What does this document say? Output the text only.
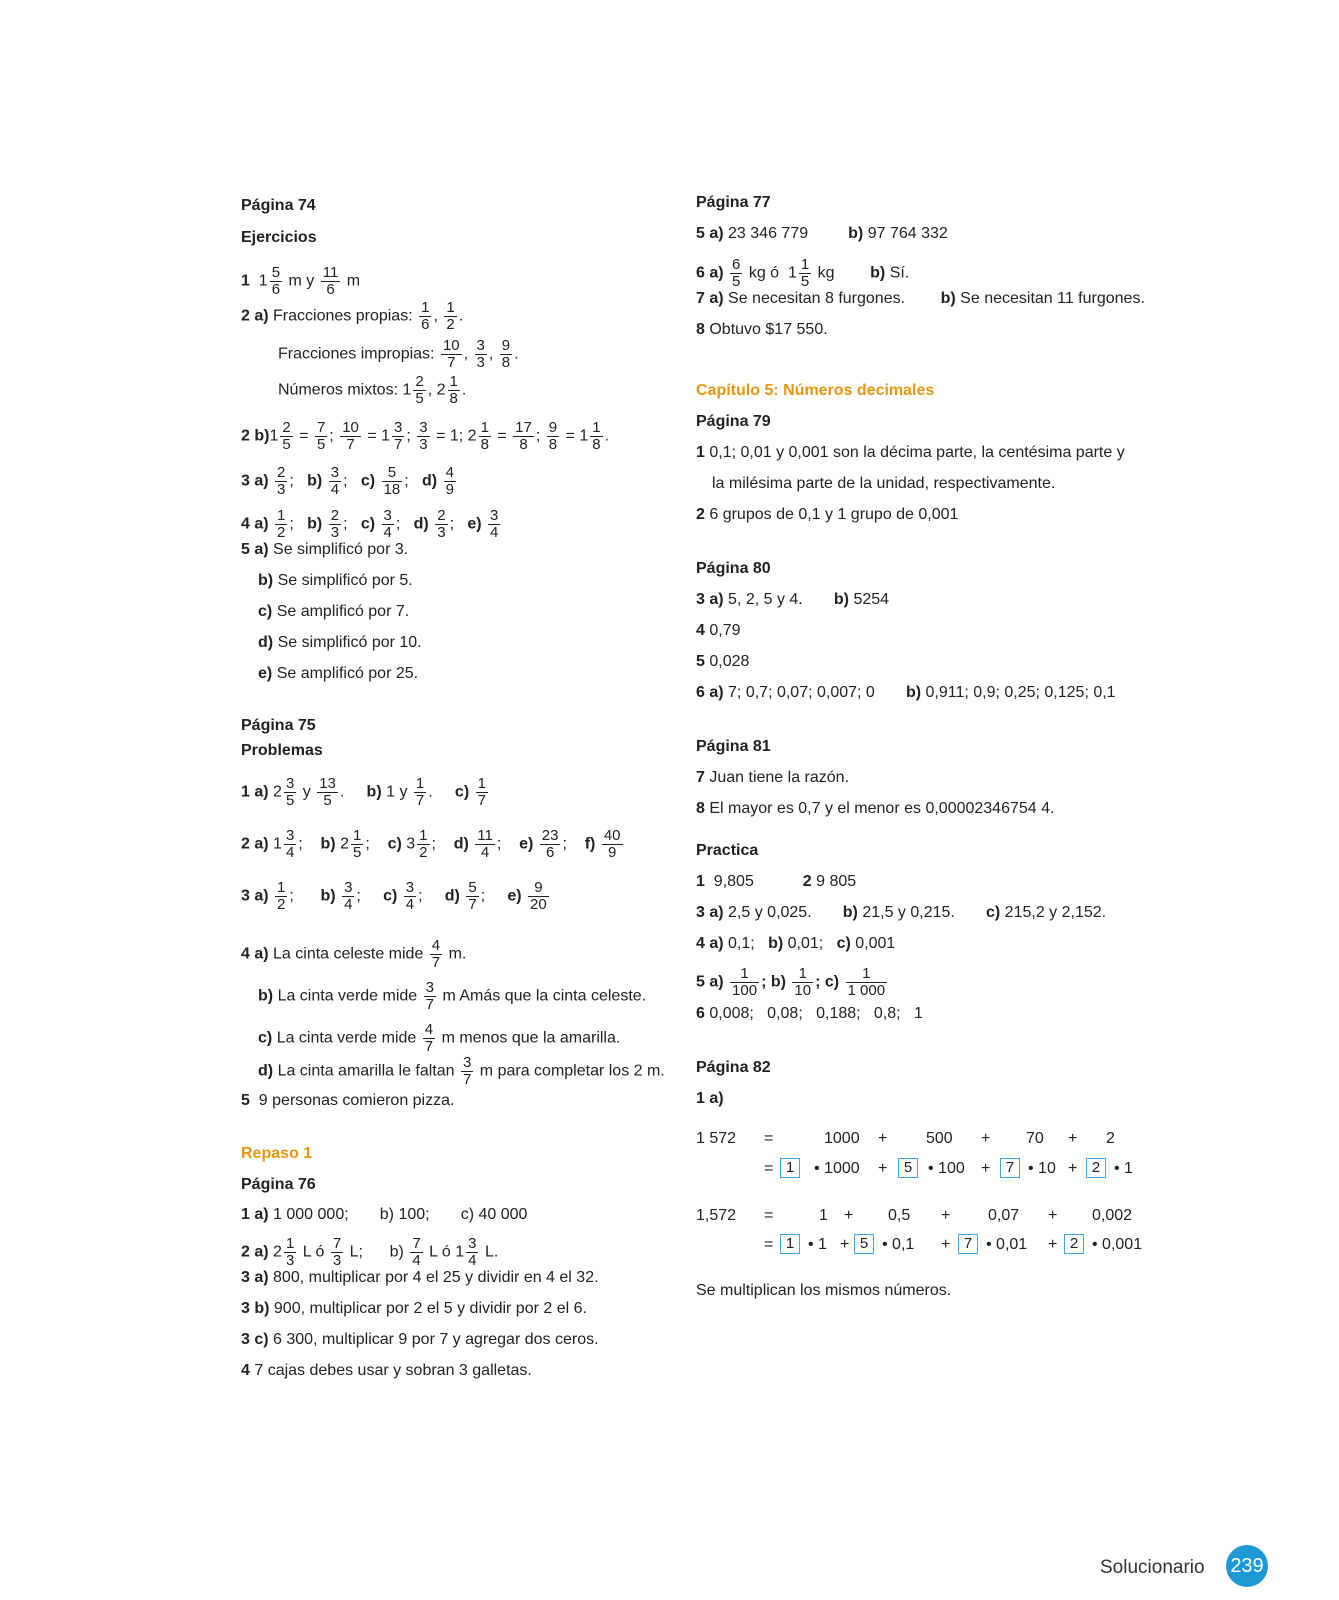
Página 74
Ejercicios
1 $1 \frac{5}{6}$ m y $\frac{11}{6}$ m
2 a) Fracciones propias: $\frac{1}{6}$ , $\frac{1}{2}$ .
Fracciones impropias: $\frac{10}{7}$ , $\frac{3}{3}$ , $\frac{9}{8}$ .
Números mixtos: $1 \frac{2}{5}$ , $2 \frac{1}{8}$ .
2 $b)1 \frac{2}{5} = \frac{7}{5}$ ; $\frac{10}{7} = 1 \frac{3}{7}$ ; $\frac{3}{3} = 1$; $2 \frac{1}{8} = \frac{17}{8}$ ; $\frac{9}{8} = 1 \frac{1}{8}$ .
3 $a) \frac{2}{3}$ ;   $b) \frac{3}{4}$ ;   $c) \frac{5}{18}$ ;   $d) \frac{4}{9}$
4 $a) \frac{1}{2}$ ;   $b) \frac{2}{3}$ ;   $c) \frac{3}{4}$ ;   $d) \frac{2}{3}$ ;   $e) \frac{3}{4}$
5 a) Se simplificó por 3.
b) Se simplificó por 5.
c) Se amplificó por 7.
d) Se simplificó por 10.
e) Se amplificó por 25.
Página 75
Problemas
1 a) $2 \frac{3}{5}$ y $\frac{13}{5}$ .     b) 1 y $\frac{1}{7}$ .     $c) \frac{1}{7}$
2 a) $1 \frac{3}{4}$ ;    b) $2 \frac{1}{5}$ ;    c) $3 \frac{1}{2}$ ;    $d) \frac{11}{4}$ ;    $e) \frac{23}{6}$ ;    $f) \frac{40}{9}$
3 $a) \frac{1}{2}$ ;      $b) \frac{3}{4}$ ;     $c) \frac{3}{4}$ ;     $d) \frac{5}{7}$ ;     $e) \frac{9}{20}$
4 a) La cinta celeste mide $\frac{4}{7} m$.
b) La cinta verde mide $\frac{3}{7}$ m Amás que la cinta celeste.
c) La cinta verde mide $\frac{4}{7}$ m menos que la amarilla.
d) La cinta amarilla le faltan $\frac{3}{7}$ m para completar los 2 m.
5 9 personas comieron pizza.
Repaso 1
Página 76
1 a) 1 000 000; b) 100; c) 40 000
2 a) $2 \frac{1}{3}$ L ó $\frac{7}{3} L$; $b) \frac{7}{4}$ L ó $1 \frac{3}{4} L$.
3 a) 800, multiplicar por 4 el 25 y dividir en 4 el 32.
3 b) 900, multiplicar por 2 el 5 y dividir por 2 el 6.
3 c) 6 300, multiplicar 9 por 7 y agregar dos ceros.
4 7 cajas debes usar y sobran 3 galletas.
Página 77
5 a) 23 346 779	b) 97 764 332
6 $a) \frac{6}{5}$ kg ó $1 \frac{1}{5}$ kg b) Sí.
7 a) Se necesitan 8 furgones. b) Se necesitan 11 furgones.
8 Obtuvo $17 550.
Capítulo 5: Números decimales
Página 79
1 0,1; 0,01 y 0,001 son la décima parte, la centésima parte y
la milésima parte de la unidad, respectivamente.
2 6 grupos de 0,1 y 1 grupo de 0,001
Página 80
3 a) 5, 2, 5 y 4. b) 5254
4 0,79
5 0,028
6 a) 7; 0,7; 0,07; 0,007; 0 b) 0,911; 0,9; 0,25; 0,125; 0,1
Página 81
7 Juan tiene la razón.
8 El mayor es 0,7 y el menor es 0,00002346754 4.
Practica
1 9,805	2 9 805
3 a) 2,5 y 0,025. b) 21,5 y 0,215. c) 215,2 y 2,152.
4 a) 0,1; b) 0,01; c) 0,001
5 $a) \frac{1}{100}$ ; $b) \frac{1}{10}$ ; $c) \frac{1}{1 000}$
6 0,008;   0,08;   0,188;   0,8;   1
Página 82
1 a)
1 572 =	1000 + 500 + 70 + 2
= 1	• 1000 +	5 • 100 +	7 • 10 + 2 • 1
1,572 =	1 + 0,5 + 0,07 + 0,002
= 1 • 1 + 5 • 0,1 + 7 • 0,01 + 2 • 0,001
Se multiplican los mismos números.
Solucionario 239
